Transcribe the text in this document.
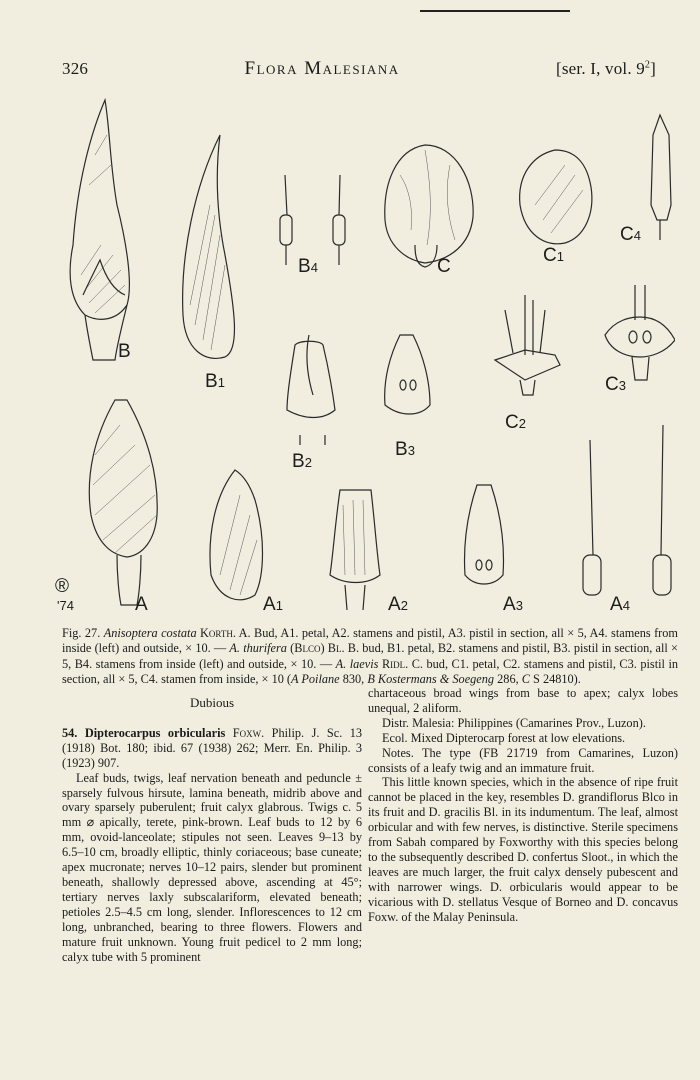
326	Flora Malesiana	[ser. I, vol. $9^2$]
B
B1
B4	C
C1
C4
C2
C3
B2
B3
A	A1	A2	A3	A4
®
'74
Fig. 27. Anisoptera costata Korth. A. Bud, A1. petal, A2. stamens and pistil, A3. pistil in section, all × 5, A4. stamens from inside (left) and outside, × 10. — A. thurifera (Blco) Bl. B. bud, B1. petal, B2. stamens and pistil, B3. pistil in section, all × 5, B4. stamens from inside (left) and outside, × 10. — A. laevis Ridl. C. bud, C1. petal, C2. stamens and pistil, C3. pistil in section, all × 5, C4. stamen from inside, × 10 (A Poilane 830, B Kostermans & Soegeng 286, C S 24810).
Dubious

54. Dipterocarpus orbicularis Foxw. Philip. J. Sc. 13 (1918) Bot. 180; ibid. 67 (1938) 262; Merr. En. Philip. 3 (1923) 907.

Leaf buds, twigs, leaf nervation beneath and peduncle ± sparsely fulvous hirsute, lamina beneath, midrib above and ovary sparsely puberulent; fruit calyx glabrous. Twigs c. 5 mm ⌀ apically, terete, pink-brown. Leaf buds to 12 by 6 mm, ovoid-lanceolate; stipules not seen. Leaves 9–13 by 6.5–10 cm, broadly elliptic, thinly coriaceous; base cuneate; apex mucronate; nerves 10–12 pairs, slender but prominent beneath, shallowly depressed above, ascending at 45°; tertiary nerves laxly subscalariform, elevated beneath; petioles 2.5–4.5 cm long, slender. Inflorescences to 12 cm long, unbranched, bearing to three flowers. Flowers and mature fruit unknown. Young fruit pedicel to 2 mm long; calyx tube with 5 prominent

chartaceous broad wings from base to apex; calyx lobes unequal, 2 aliform.

Distr. Malesia: Philippines (Camarines Prov., Luzon).

Ecol. Mixed Dipterocarp forest at low elevations.

Notes. The type (FB 21719 from Camarines, Luzon) consists of a leafy twig and an immature fruit.

This little known species, which in the absence of ripe fruit cannot be placed in the key, resembles D. grandiflorus Blco in its fruit and D. gracilis Bl. in its indumentum. The leaf, almost orbicular and with few nerves, is distinctive. Sterile specimens from Sabah compared by Foxworthy with this species belong to the subsequently described D. confertus Sloot., in which the leaves are much larger, the fruit calyx densely pubescent and with narrower wings. D. orbicularis would appear to be vicarious with D. stellatus Vesque of Borneo and D. concavus Foxw. of the Malay Peninsula.
